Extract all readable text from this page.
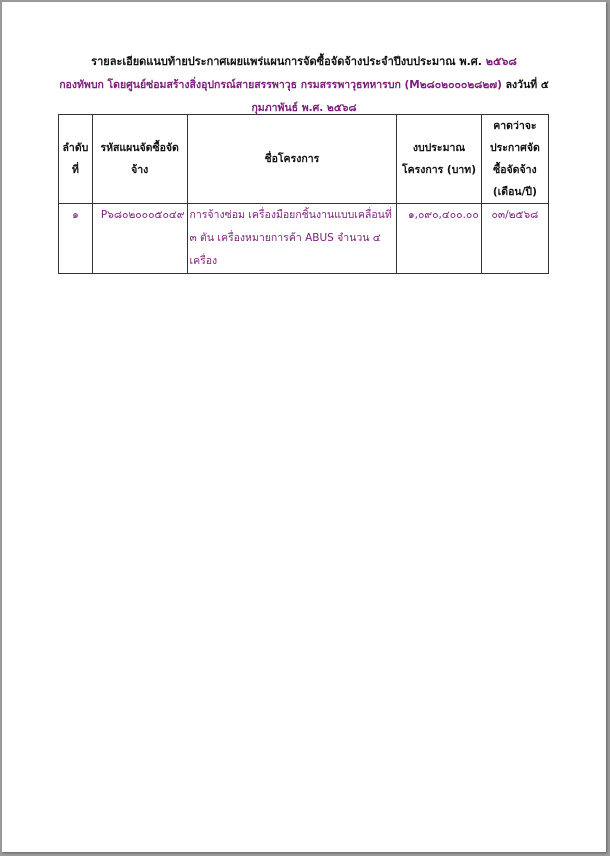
รายละเอียดแนบท้ายประกาศเผยแพร่แผนการจัดซื้อจัดจ้างประจำปีงบประมาณ พ.ศ. ๒๕๖๘
กองทัพบก โดยศูนย์ซ่อมสร้างสิ่งอุปกรณ์สายสรรพาวุธ กรมสรรพาวุธทหารบก (M๒๘๐๒๐๐๐๒๘๒๗) ลงวันที่ ๕
กุมภาพันธ์ พ.ศ. ๒๕๖๘
ลำดับที่	รหัสแผนจัดซื้อจัดจ้าง	ชื่อโครงการ	งบประมาณโครงการ (บาท)	คาดว่าจะประกาศจัดซื้อจัดจ้าง (เดือน/ปี)
๑	P๖๘๐๒๐๐๐๕๐๔๙	การจ้างซ่อม เครื่องมือยกชิ้นงานแบบเคลื่อนที่ ๓ ตัน เครื่องหมายการค้า ABUS จำนวน ๔ เครื่อง	๑,๐๙๐,๔๐๐.๐๐	๐๓/๒๕๖๘
